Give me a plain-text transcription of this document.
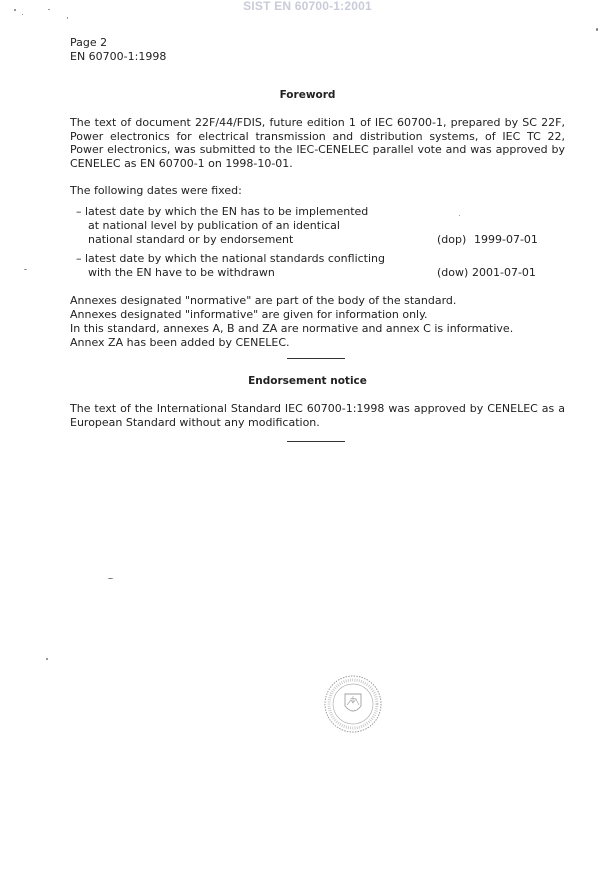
SIST EN 60700-1:2001
Page 2
EN 60700-1:1998
Foreword
The text of document 22F/44/FDIS, future edition 1 of IEC 60700-1, prepared by SC 22F, Power electronics for electrical transmission and distribution systems, of IEC TC 22, Power electronics, was submitted to the IEC-CENELEC parallel vote and was approved by CENELEC as EN 60700-1 on 1998-10-01.
The following dates were fixed:
– latest date by which the EN has to be implemented
at national level by publication of an identical
national standard or by endorsement	(dop) 1999-07-01
– latest date by which the national standards conflicting
with the EN have to be withdrawn	(dow) 2001-07-01
Annexes designated "normative" are part of the body of the standard.
Annexes designated "informative" are given for information only.
In this standard, annexes A, B and ZA are normative and annex C is informative.
Annex ZA has been added by CENELEC.
Endorsement notice
The text of the International Standard IEC 60700-1:1998 was approved by CENELEC as a European Standard without any modification.
